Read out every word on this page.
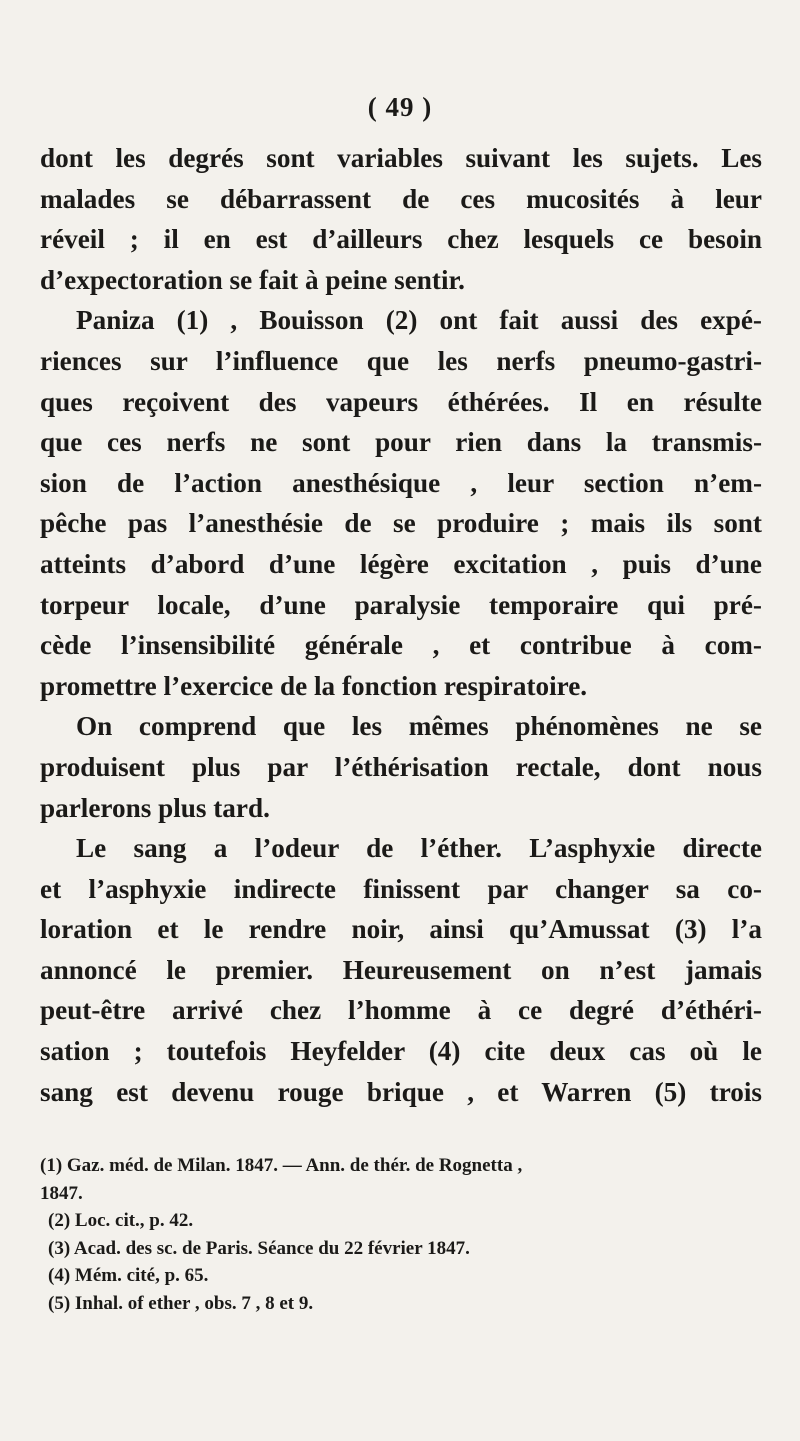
( 49 )
dont les degrés sont variables suivant les sujets. Les
malades se débarrassent de ces mucosités à leur
réveil ; il en est d’ailleurs chez lesquels ce besoin
d’expectoration se fait à peine sentir.
Paniza (1) , Bouisson (2) ont fait aussi des expé-
riences sur l’influence que les nerfs pneumo-gastri-
ques reçoivent des vapeurs éthérées. Il en résulte
que ces nerfs ne sont pour rien dans la transmis-
sion de l’action anesthésique , leur section n’em-
pêche pas l’anesthésie de se produire ; mais ils sont
atteints d’abord d’une légère excitation , puis d’une
torpeur locale, d’une paralysie temporaire qui pré-
cède l’insensibilité générale , et contribue à com-
promettre l’exercice de la fonction respiratoire.
On comprend que les mêmes phénomènes ne se
produisent plus par l’éthérisation rectale, dont nous
parlerons plus tard.
Le sang a l’odeur de l’éther. L’asphyxie directe
et l’asphyxie indirecte finissent par changer sa co-
loration et le rendre noir, ainsi qu’Amussat (3) l’a
annoncé le premier. Heureusement on n’est jamais
peut-être arrivé chez l’homme à ce degré d’éthéri-
sation ; toutefois Heyfelder (4) cite deux cas où le
sang est devenu rouge brique , et Warren (5) trois
(1) Gaz. méd. de Milan. 1847. — Ann. de thér. de Rognetta ,
1847.
(2) Loc. cit., p. 42.
(3) Acad. des sc. de Paris. Séance du 22 février 1847.
(4) Mém. cité, p. 65.
(5) Inhal. of ether , obs. 7 , 8 et 9.
